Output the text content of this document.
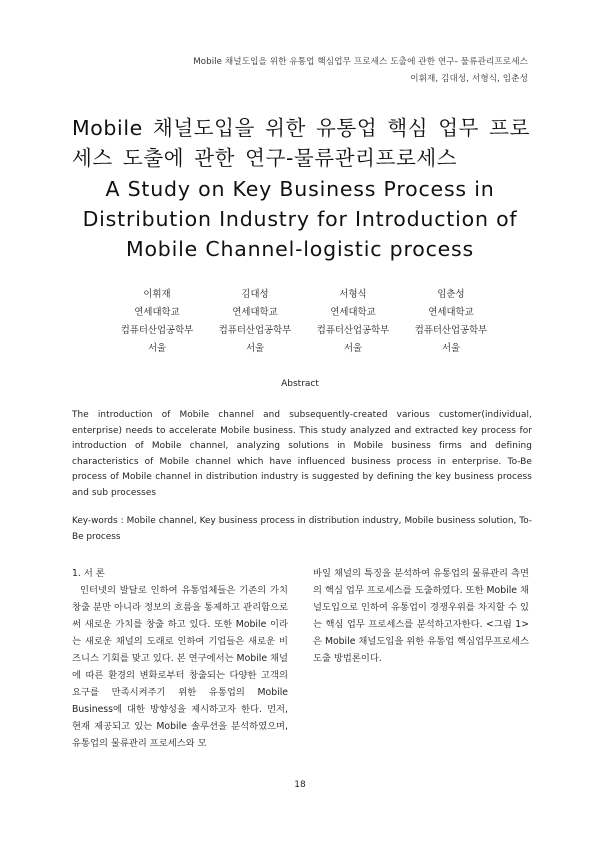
Mobile 채널도입을 위한 유통업 핵심업무 프로세스 도출에 관한 연구- 물류관리프로세스
이휘재, 김대성, 서형식, 임춘성
Mobile 채널도입을 위한 유통업 핵심 업무 프로세스 도출에 관한 연구-물류관리프로세스
A Study on Key Business Process in Distribution Industry for Introduction of Mobile Channel-logistic process
이휘재
연세대학교
컴퓨터산업공학부
서울
김대성
연세대학교
컴퓨터산업공학부
서울
서형식
연세대학교
컴퓨터산업공학부
서울
임춘성
연세대학교
컴퓨터산업공학부
서울
Abstract

The introduction of Mobile channel and subsequently-created various customer(individual, enterprise) needs to accelerate Mobile business. This study analyzed and extracted key process for introduction of Mobile channel, analyzing solutions in Mobile business firms and defining characteristics of Mobile channel which have influenced business process in enterprise. To-Be process of Mobile channel in distribution industry is suggested by defining the key business process and sub processes

Key-words : Mobile channel, Key business process in distribution industry, Mobile business solution, To-Be process

1. 서 론

인터넷의 발달로 인하여 유통업체들은 기존의 가치창출 분만 아니라 정보의 흐름을 통제하고 관리함으로써 새로운 가치를 창출 하고 있다. 또한 Mobile 이라는 새로운 채널의 도래로 인하여 기업들은 새로운 비즈니스 기회를 맞고 있다. 본 연구에서는 Mobile 채널에 따른 환경의 변화로부터 창출되는 다양한 고객의 요구를 만족시켜주기 위한 유통업의 Mobile Business에 대한 방향성을 제시하고자 한다. 먼저, 현재 제공되고 있는 Mobile 솔루션을 분석하였으며, 유통업의 물류관리 프로세스와 모

바일 채널의 특징을 분석하여 유통업의 물류관리 측면의 핵심 업무 프로세스를 도출하였다. 또한 Mobile 채널도입으로 인하여 유통업이 경쟁우위를 차지할 수 있는 핵심 업무 프로세스를 분석하고자한다. <그림 1>은 Mobile 채널도입을 위한 유통업 핵심업무프로세스 도출 방법론이다.

18
